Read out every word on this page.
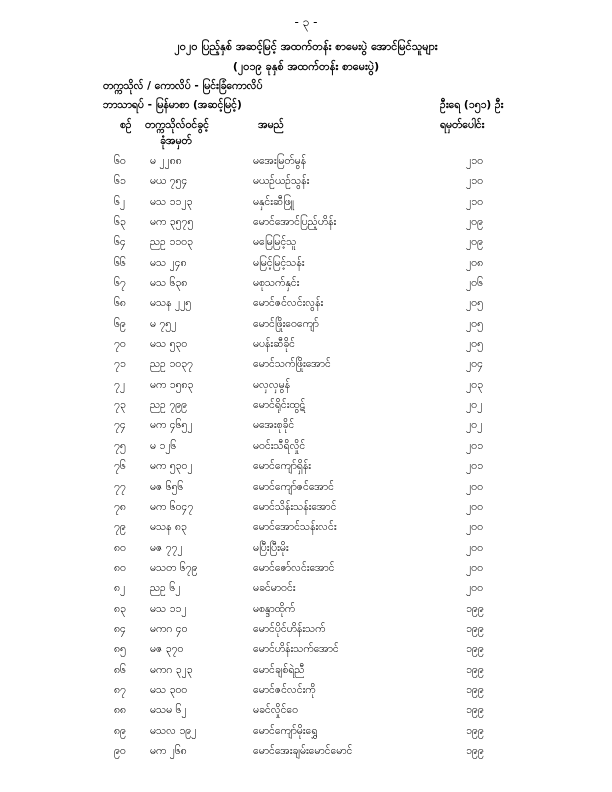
- ၃ -
၂၀၂၀ ပြည့်နှစ် အဆင့်မြင့် အထက်တန်း စာမေးပွဲ အောင်မြင်သူများ
(၂၀၁၉ ခုနှစ် အထက်တန်း စာမေးပွဲ)
တက္ကသိုလ် / ကောလိပ် - မြင်းခြံကောလိပ်
ဘာသာရပ် - မြန်မာစာ (အဆင့်မြင့်)	ဦးရေ (၁၅၁) ဦး
စဉ် တက္ကသိုလ်ဝင်ခွင့်
ခုံအမှတ်
အမည်	ရမှတ်ပေါင်း
၆၀ မ ၂၂၈၈	မအေးမြတ်မွန်	၂၁၀
၆၁ မယ ၇၅၄	မယဉ်ယဉ်သွန်း	၂၁၀
၆၂ မသ ၁၁၂၃	မနှင်းဆီဖြူ	၂၁၀
၆၃ မက ၃၅၇၅	မောင်အောင်ပြည့်ဟိန်း	၂၀၉
၆၄ ညဥ ၁၁၀၃	မမြေမြင့်သူ	၂၀၉
၆၆ မသ ၂၄၈	မမြင့်မြင့်သန်း	၂၀၈
၆၇ မသ ၆၃၈	မစုသက်နှင်း	၂၀၆
၆၈ မသန ၂၂၅	မောင်ဇင်လင်းလွန်း	၂၀၅
၆၉ မ ၇၅၂	မောင်ဖြိုးဝေကျော်	၂၀၅
၇၀ မသ ၅၃၀	မပန်းဆီခိုင်	၂၀၅
၇၁ ညဥ ၁၀၃၇	မောင်သက်ဖြိုးအောင်	၂၀၄
၇၂ မက ၁၅၈၃	မလှလှမွန်	၂၀၃
၇၃ ညဥ ၇၉၉	မောင်ရိုင်းထွဋ်	၂၀၂
၇၄ မက ၄၆၅၂	မအေးစုခိုင်	၂၀၂
၇၅ မ ၁၂၆	မဝင်းသီရိလှိုင်	၂၀၁
၇၆ မက ၅၃၀၂	မောင်ကျော်ရှိန်း	၂၀၁
၇၇ မဇ ၆၅၆	မောင်ကျော်ဇင်အောင်	၂၀၀
၇၈ မက ၆၀၄၇	မောင်သိန်းသန်းအောင်	၂၀၀
၇၉ မသန ၈၃	မောင်အောင်သန်းလင်း	၂၀၀
၈၀ မဇ ၇၇၂	မပြီးပြီးမိုး	၂၀၀
၈၀ မသတ ၆၇၉	မောင်ဇော်လင်းအောင်	၂၀၀
၈၂ ညဥ ၆၂	မခင်မာဝင်း	၂၀၀
၈၃ မသ ၁၁၂	မစန္ဒာထိုက်	၁၉၉
၈၄ မကဂ ၄၀	မောင်ပိုင်ဟိန်းသက်	၁၉၉
၈၅ မဇ ၃၇၀	မောင်ဟိန်းသက်အောင်	၁၉၉
၈၆ မကဂ ၃၂၃	မောင်ချစ်ရဲညီ	၁၉၉
၈၇ မသ ၃၀၀	မောင်ဇင်လင်းကို	၁၉၉
၈၈ မသမ ၆၂	မခင်လှိုင်ဝေ	၁၉၉
၈၉ မသလ ၁၉၂	မောင်ကျော်မိုးရွှေ	၁၉၉
၉၀ မက ၂၆၈	မောင်အေးချမ်းမောင်မောင်	၁၉၉
